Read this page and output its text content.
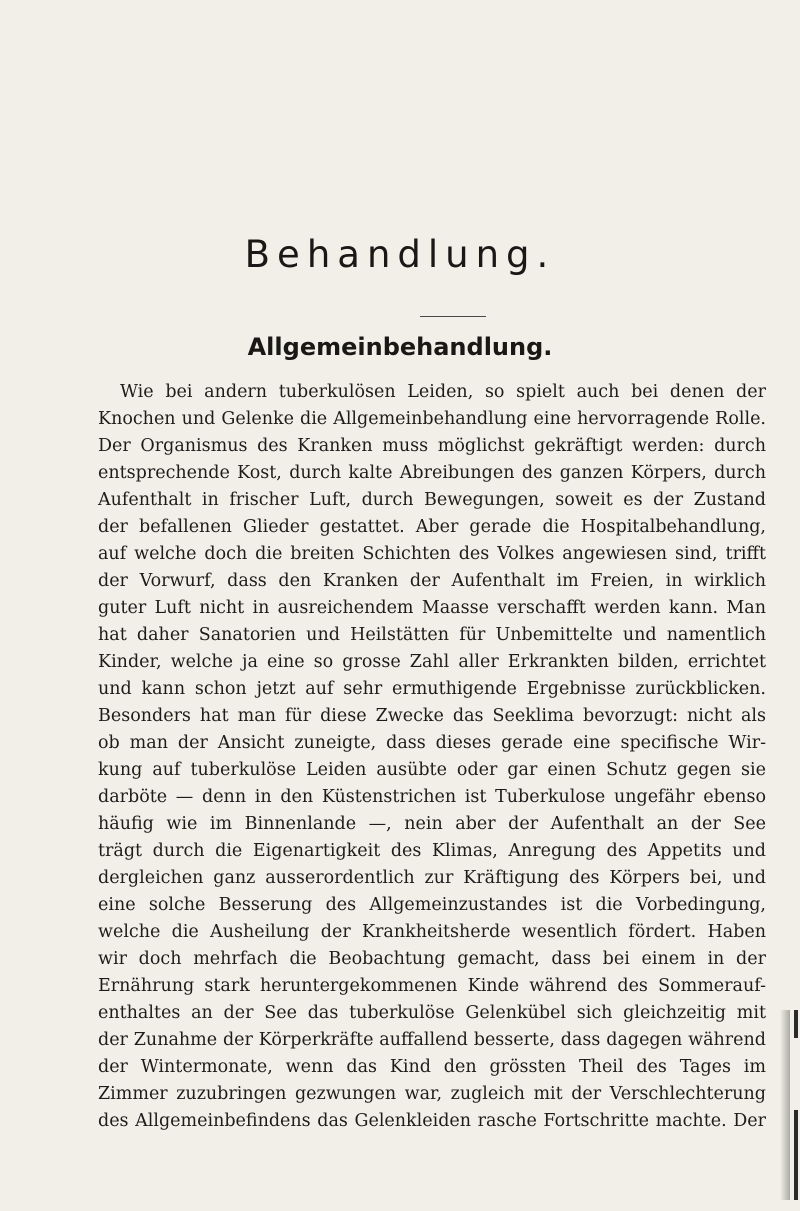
Behandlung.
Allgemeinbehandlung.
Wie bei andern tuberkulösen Leiden, so spielt auch bei denen der
Knochen und Gelenke die Allgemeinbehandlung eine hervorragende Rolle.
Der Organismus des Kranken muss möglichst gekräftigt werden: durch
entsprechende Kost, durch kalte Abreibungen des ganzen Körpers, durch
Aufenthalt in frischer Luft, durch Bewegungen, soweit es der Zustand
der befallenen Glieder gestattet. Aber gerade die Hospitalbehandlung,
auf welche doch die breiten Schichten des Volkes angewiesen sind, trifft
der Vorwurf, dass den Kranken der Aufenthalt im Freien, in wirklich
guter Luft nicht in ausreichendem Maasse verschafft werden kann. Man
hat daher Sanatorien und Heilstätten für Unbemittelte und namentlich
Kinder, welche ja eine so grosse Zahl aller Erkrankten bilden, errichtet
und kann schon jetzt auf sehr ermuthigende Ergebnisse zurückblicken.
Besonders hat man für diese Zwecke das Seeklima bevorzugt: nicht als
ob man der Ansicht zuneigte, dass dieses gerade eine specifische Wir-
kung auf tuberkulöse Leiden ausübte oder gar einen Schutz gegen sie
darböte — denn in den Küstenstrichen ist Tuberkulose ungefähr ebenso
häufig wie im Binnenlande —, nein aber der Aufenthalt an der See
trägt durch die Eigenartigkeit des Klimas, Anregung des Appetits und
dergleichen ganz ausserordentlich zur Kräftigung des Körpers bei, und
eine solche Besserung des Allgemeinzustandes ist die Vorbedingung,
welche die Ausheilung der Krankheitsherde wesentlich fördert. Haben
wir doch mehrfach die Beobachtung gemacht, dass bei einem in der
Ernährung stark heruntergekommenen Kinde während des Sommerauf-
enthaltes an der See das tuberkulöse Gelenkübel sich gleichzeitig mit
der Zunahme der Körperkräfte auffallend besserte, dass dagegen während
der Wintermonate, wenn das Kind den grössten Theil des Tages im
Zimmer zuzubringen gezwungen war, zugleich mit der Verschlechterung
des Allgemeinbefindens das Gelenkleiden rasche Fortschritte machte. Der
